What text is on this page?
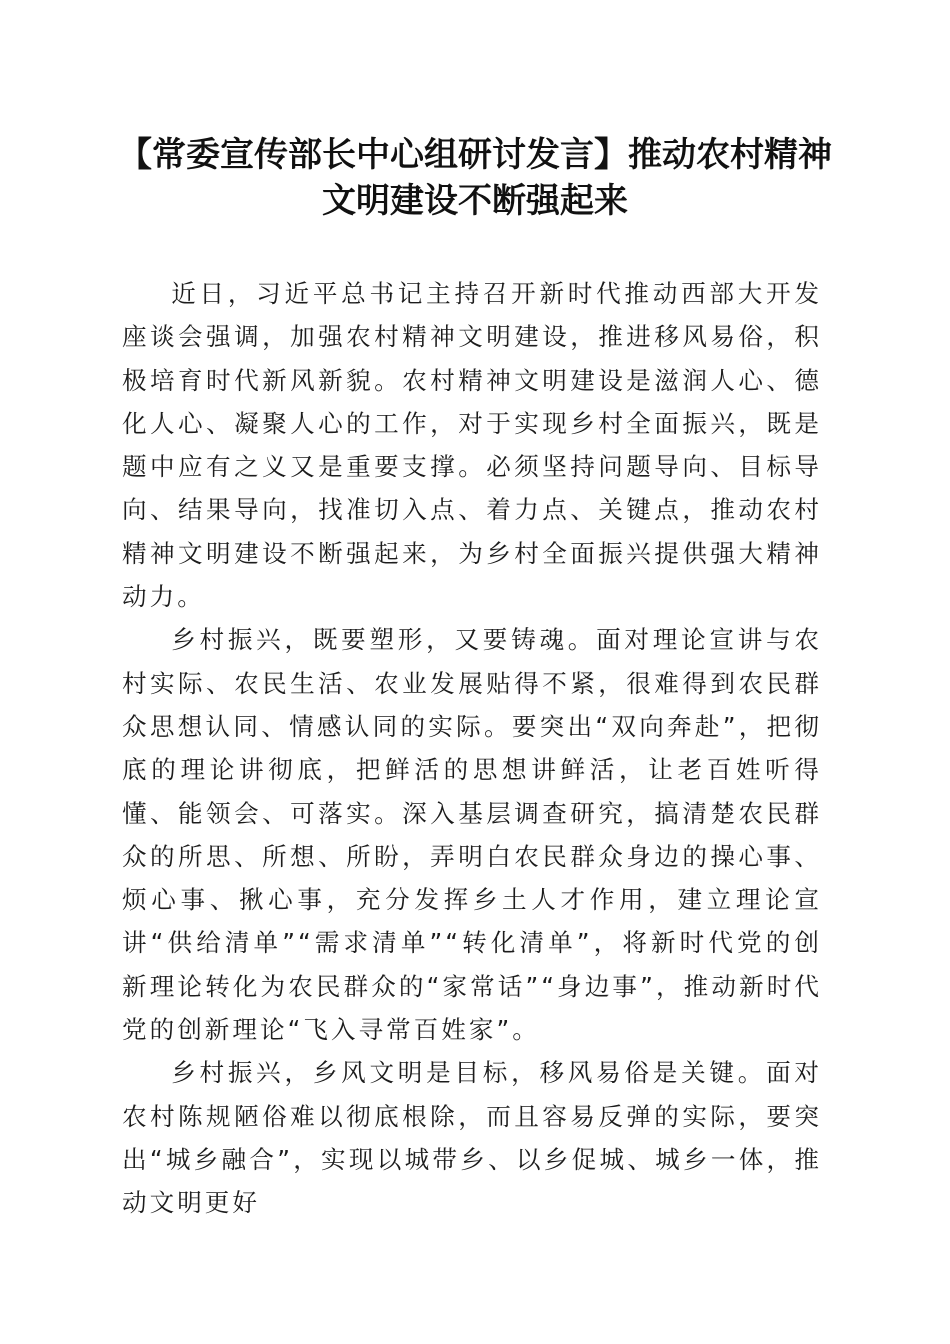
【常委宣传部长中心组研讨发言】推动农村精神文明建设不断强起来

近日，习近平总书记主持召开新时代推动西部大开发座谈会强调，加强农村精神文明建设，推进移风易俗，积极培育时代新风新貌。农村精神文明建设是滋润人心、德化人心、凝聚人心的工作，对于实现乡村全面振兴，既是题中应有之义又是重要支撑。必须坚持问题导向、目标导向、结果导向，找准切入点、着力点、关键点，推动农村精神文明建设不断强起来，为乡村全面振兴提供强大精神动力。

乡村振兴，既要塑形，又要铸魂。面对理论宣讲与农村实际、农民生活、农业发展贴得不紧，很难得到农民群众思想认同、情感认同的实际。要突出“双向奔赴”，把彻底的理论讲彻底，把鲜活的思想讲鲜活，让老百姓听得懂、能领会、可落实。深入基层调查研究，搞清楚农民群众的所思、所想、所盼，弄明白农民群众身边的操心事、烦心事、揪心事，充分发挥乡土人才作用，建立理论宣讲“供给清单”“需求清单”“转化清单”，将新时代党的创新理论转化为农民群众的“家常话”“身边事”，推动新时代党的创新理论“飞入寻常百姓家”。

乡村振兴，乡风文明是目标，移风易俗是关键。面对农村陈规陋俗难以彻底根除，而且容易反弹的实际，要突出“城乡融合”，实现以城带乡、以乡促城、城乡一体，推动文明更好
